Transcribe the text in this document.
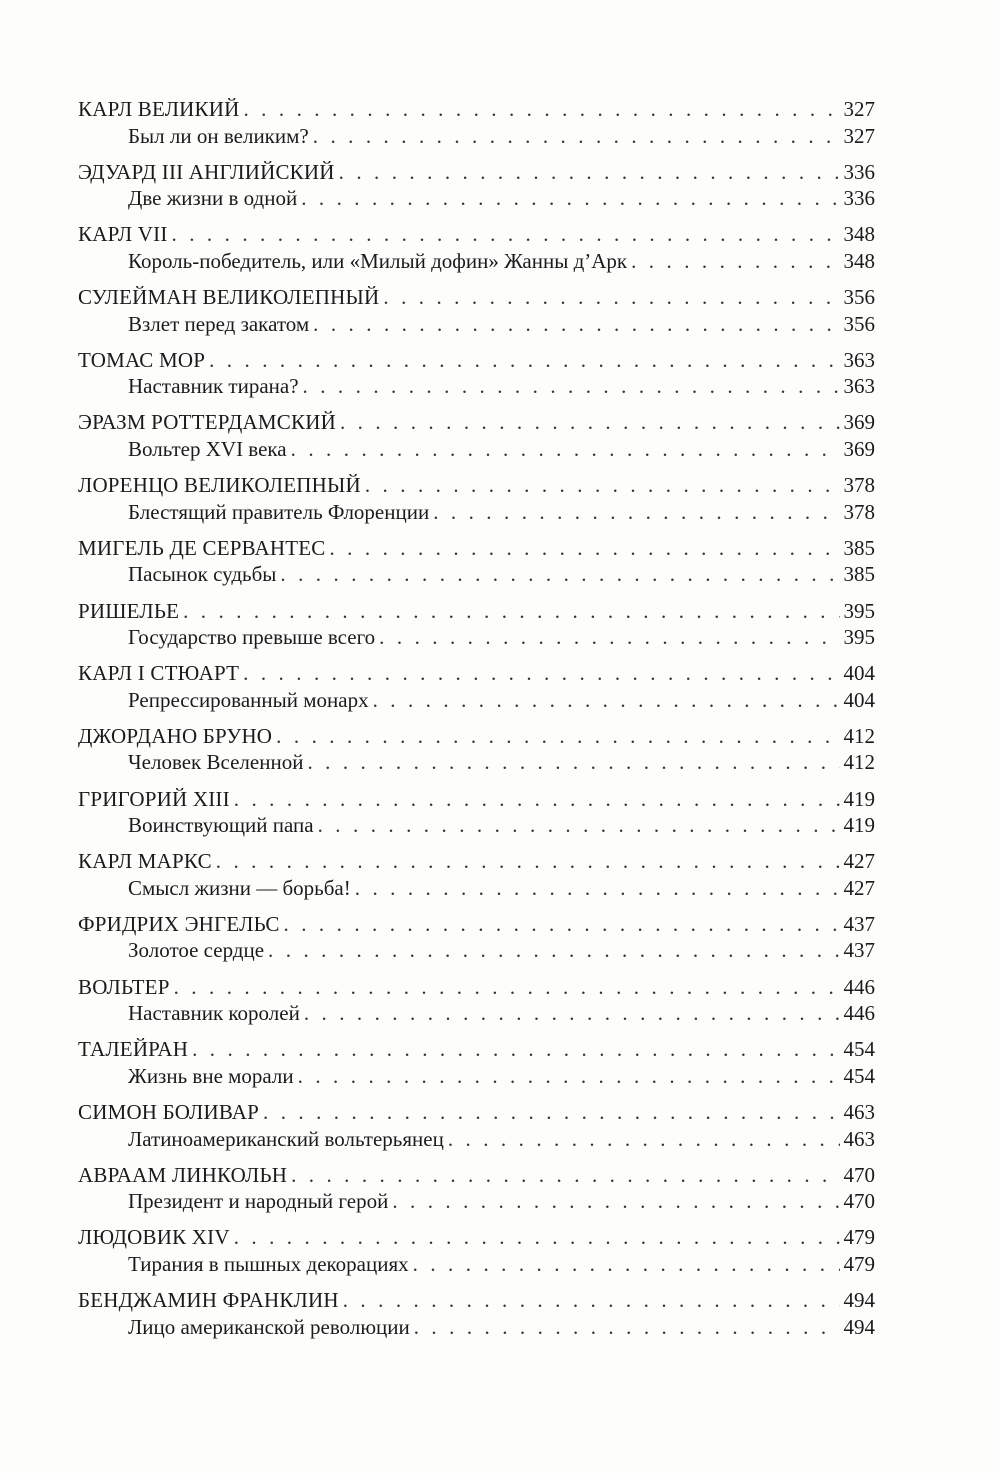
КАРЛ ВЕЛИКИЙ . . .	327
Был ли он великим? . . .	327
ЭДУАРД III АНГЛИЙСКИЙ . . .	336
Две жизни в одной . . .	336
КАРЛ VII . . .	348
Король-победитель, или «Милый дофин» Жанны д’Арк . . .	348
СУЛЕЙМАН ВЕЛИКОЛЕПНЫЙ . . .	356
Взлет перед закатом . . .	356
ТОМАС МОР . . .	363
Наставник тирана? . . .	363
ЭРАЗМ РОТТЕРДАМСКИЙ . . .	369
Вольтер XVI века . . .	369
ЛОРЕНЦО ВЕЛИКОЛЕПНЫЙ . . .	378
Блестящий правитель Флоренции . . .	378
МИГЕЛЬ ДЕ СЕРВАНТЕС . . .	385
Пасынок судьбы . . .	385
РИШЕЛЬЕ . . .	395
Государство превыше всего . . .	395
КАРЛ I СТЮАРТ . . .	404
Репрессированный монарх . . .	404
ДЖОРДАНО БРУНО . . .	412
Человек Вселенной . . .	412
ГРИГОРИЙ XIII . . .	419
Воинствующий папа . . .	419
КАРЛ МАРКС . . .	427
Смысл жизни — борьба! . . .	427
ФРИДРИХ ЭНГЕЛЬС . . .	437
Золотое сердце . . .	437
ВОЛЬТЕР . . .	446
Наставник королей . . .	446
ТАЛЕЙРАН . . .	454
Жизнь вне морали . . .	454
СИМОН БОЛИВАР . . .	463
Латиноамериканский вольтерьянец . . .	463
АВРААМ ЛИНКОЛЬН . . .	470
Президент и народный герой . . .	470
ЛЮДОВИК XIV . . .	479
Тирания в пышных декорациях . . .	479
БЕНДЖАМИН ФРАНКЛИН . . .	494
Лицо американской революции . . .	494
